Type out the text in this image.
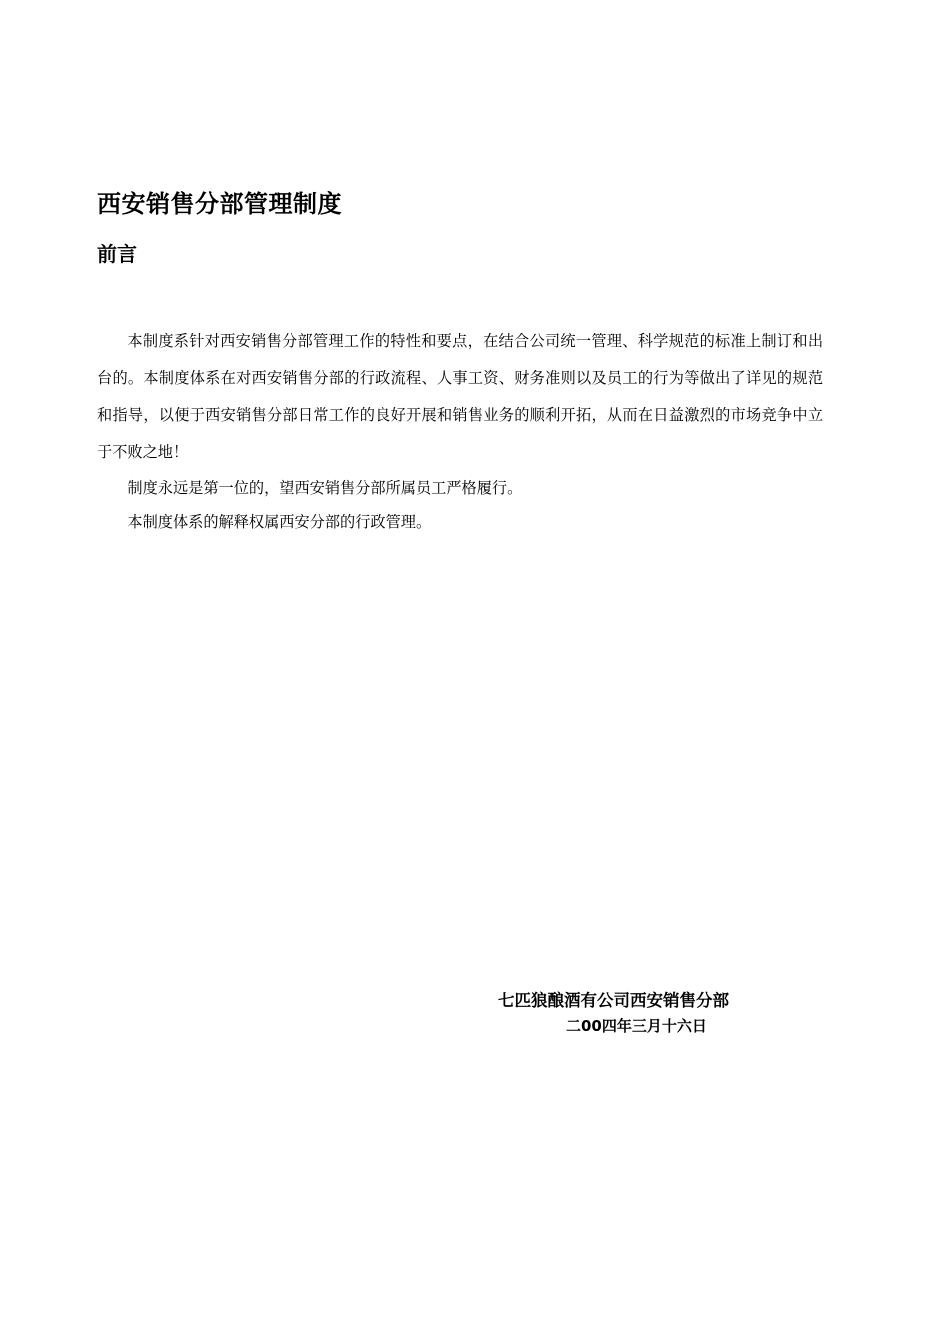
西安销售分部管理制度
前言

本制度系针对西安销售分部管理工作的特性和要点，在结合公司统一管理、科学规范的标准上制订和出台的。本制度体系在对西安销售分部的行政流程、人事工资、财务准则以及员工的行为等做出了详见的规范和指导，以便于西安销售分部日常工作的良好开展和销售业务的顺利开拓，从而在日益激烈的市场竞争中立于不败之地！

制度永远是第一位的，望西安销售分部所属员工严格履行。

本制度体系的解释权属西安分部的行政管理。

七匹狼酿酒有公司西安销售分部
二00四年三月十六日
